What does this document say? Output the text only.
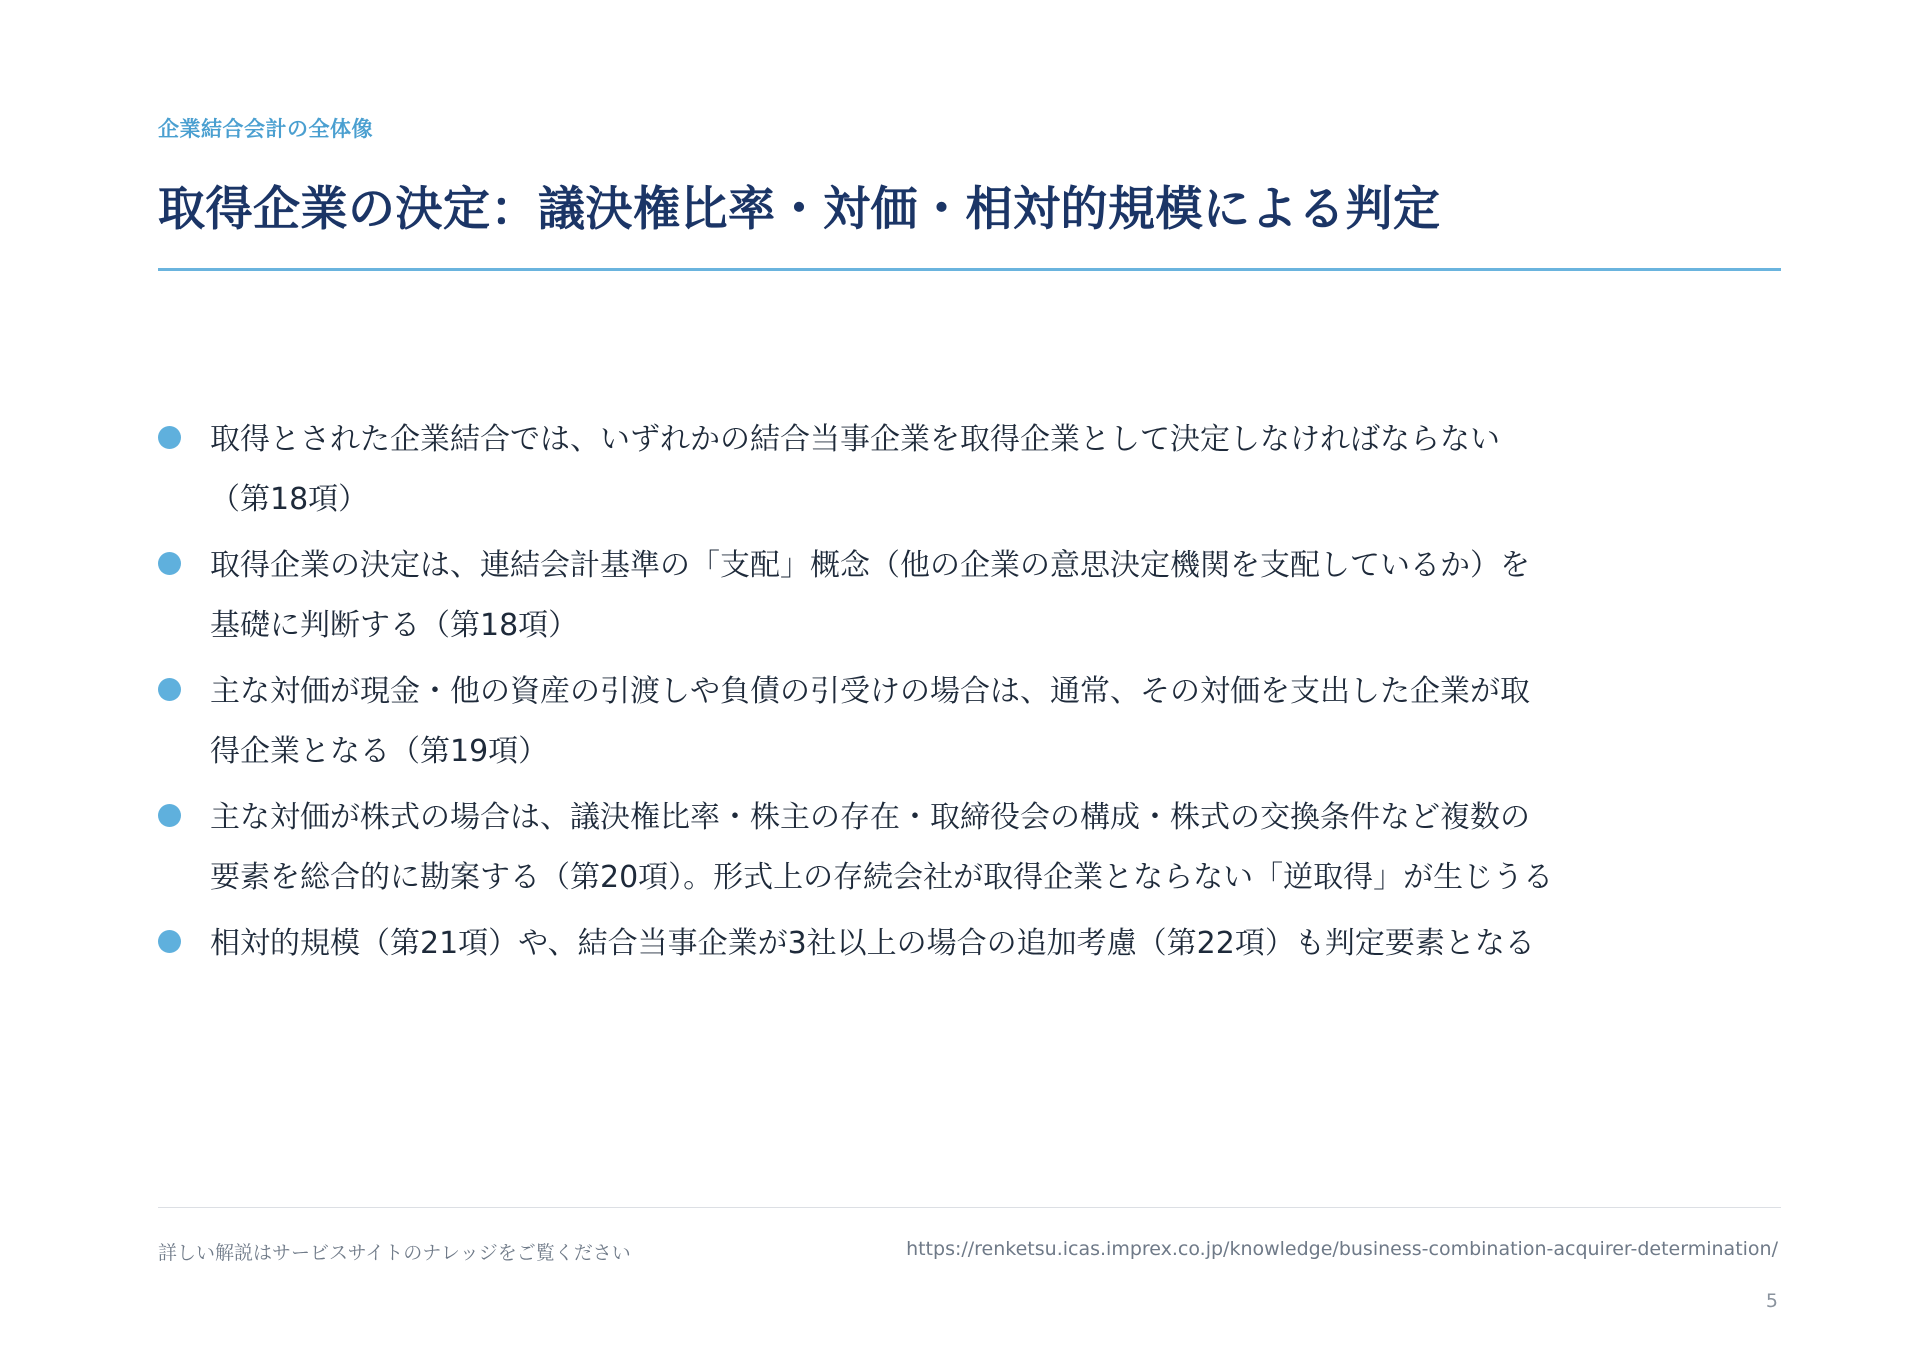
企業結合会計の全体像
取得企業の決定：議決権比率・対価・相対的規模による判定
取得とされた企業結合では、いずれかの結合当事企業を取得企業として決定しなければならない（第18項）
取得企業の決定は、連結会計基準の「支配」概念（他の企業の意思決定機関を支配しているか）を基礎に判断する（第18項）
主な対価が現金・他の資産の引渡しや負債の引受けの場合は、通常、その対価を支出した企業が取得企業となる（第19項）
主な対価が株式の場合は、議決権比率・株主の存在・取締役会の構成・株式の交換条件など複数の要素を総合的に勘案する（第20項）。形式上の存続会社が取得企業とならない「逆取得」が生じうる
相対的規模（第21項）や、結合当事企業が3社以上の場合の追加考慮（第22項）も判定要素となる
詳しい解説はサービスサイトのナレッジをご覧ください	https://renketsu.icas.imprex.co.jp/knowledge/business-combination-acquirer-determination/
5
